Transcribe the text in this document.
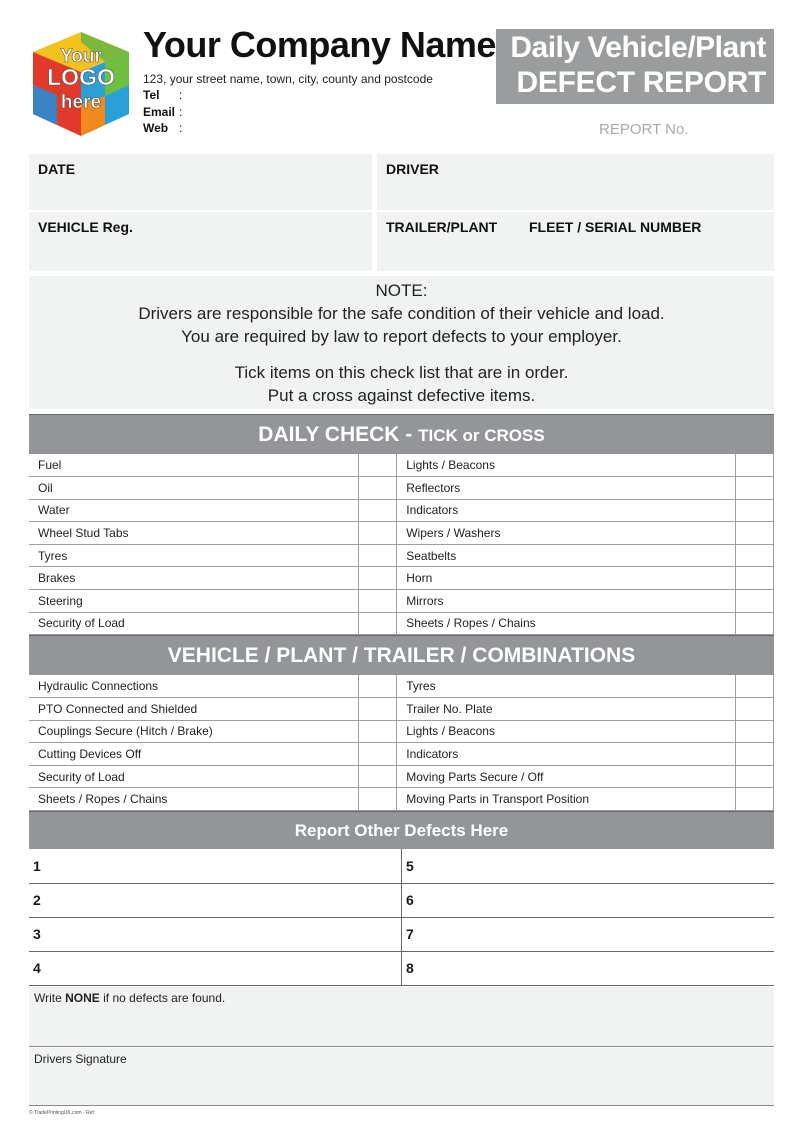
Your
LOGO
here
Your Company Name
123, your street name, town, city, county and postcode
Tel :
Email :
Web :
Daily Vehicle/Plant
DEFECT REPORT
REPORT No.
DATE	DRIVER
VEHICLE Reg.	TRAILER/PLANT FLEET / SERIAL NUMBER
NOTE:
Drivers are responsible for the safe condition of their vehicle and load.
You are required by law to report defects to your employer.
Tick items on this check list that are in order.
Put a cross against defective items.
DAILY CHECK - TICK or CROSS
Fuel		Lights / Beacons	
Oil		Reflectors	
Water		Indicators	
Wheel Stud Tabs		Wipers / Washers	
Tyres		Seatbelts	
Brakes		Horn	
Steering		Mirrors	
Security of Load		Sheets / Ropes / Chains	
VEHICLE / PLANT / TRAILER / COMBINATIONS
Hydraulic Connections		Tyres	
PTO Connected and Shielded		Trailer No. Plate	
Couplings Secure (Hitch / Brake)		Lights / Beacons	
Cutting Devices Off		Indicators	
Security of Load		Moving Parts Secure / Off	
Sheets / Ropes / Chains		Moving Parts in Transport Position	
Report Other Defects Here
1	5
2	6
3	7
4	8
Write NONE if no defects are found.
Drivers Signature
© TradePrintingUK.com - Ref:
